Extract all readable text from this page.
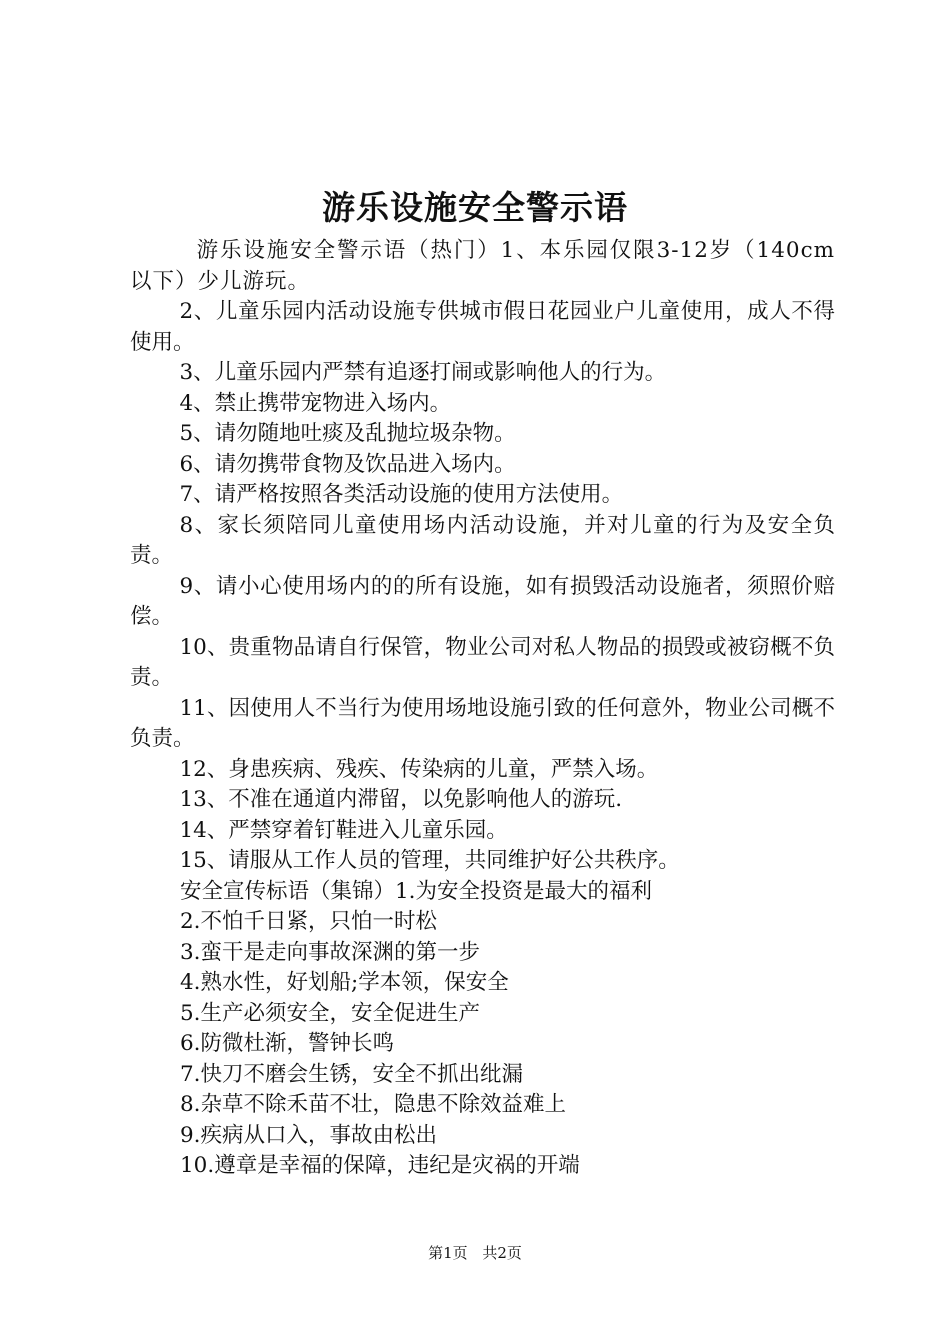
游乐设施安全警示语

游乐设施安全警示语（热门）1、本乐园仅限3-12岁（140cm以下）少儿游玩。

2、儿童乐园内活动设施专供城市假日花园业户儿童使用，成人不得使用。

3、儿童乐园内严禁有追逐打闹或影响他人的行为。

4、禁止携带宠物进入场内。

5、请勿随地吐痰及乱抛垃圾杂物。

6、请勿携带食物及饮品进入场内。

7、请严格按照各类活动设施的使用方法使用。

8、家长须陪同儿童使用场内活动设施，并对儿童的行为及安全负责。

9、请小心使用场内的的所有设施，如有损毁活动设施者，须照价赔偿。

10、贵重物品请自行保管，物业公司对私人物品的损毁或被窃概不负责。

11、因使用人不当行为使用场地设施引致的任何意外，物业公司概不负责。

12、身患疾病、残疾、传染病的儿童，严禁入场。

13、不准在通道内滞留，以免影响他人的游玩.

14、严禁穿着钉鞋进入儿童乐园。

15、请服从工作人员的管理，共同维护好公共秩序。

安全宣传标语（集锦）1.为安全投资是最大的福利

2.不怕千日紧，只怕一时松

3.蛮干是走向事故深渊的第一步

4.熟水性，好划船;学本领，保安全

5.生产必须安全，安全促进生产

6.防微杜渐，警钟长鸣

7.快刀不磨会生锈，安全不抓出纰漏

8.杂草不除禾苗不壮，隐患不除效益难上

9.疾病从口入，事故由松出

10.遵章是幸福的保障，违纪是灾祸的开端

第1页 共2页
